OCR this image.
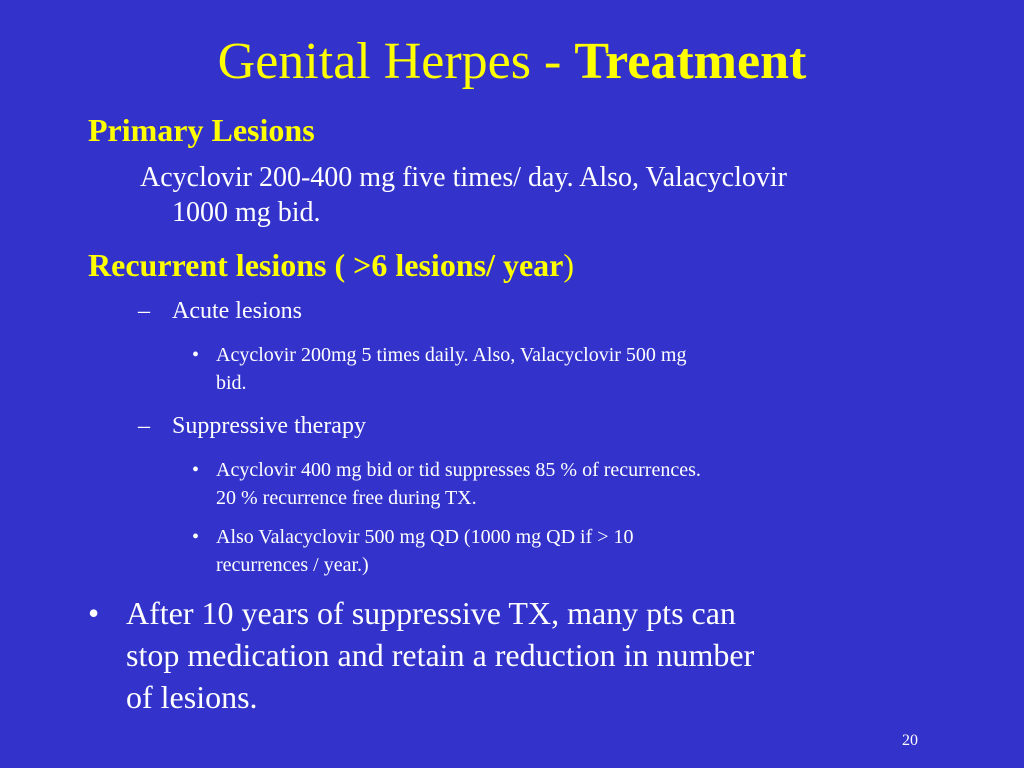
Genital Herpes - Treatment
Primary Lesions
Acyclovir 200-400 mg five times/ day. Also, Valacyclovir
1000 mg bid.
Recurrent lesions ( >6 lesions/ year)
– Acute lesions
• Acyclovir 200mg 5 times daily. Also, Valacyclovir 500 mg
bid.
– Suppressive therapy
• Acyclovir 400 mg bid or tid suppresses 85 % of recurrences.
20 % recurrence free during TX.
• Also Valacyclovir 500 mg QD (1000 mg QD if > 10
recurrences / year.)
• After 10 years of suppressive TX, many pts can
stop medication and retain a reduction in number
of lesions.
20
